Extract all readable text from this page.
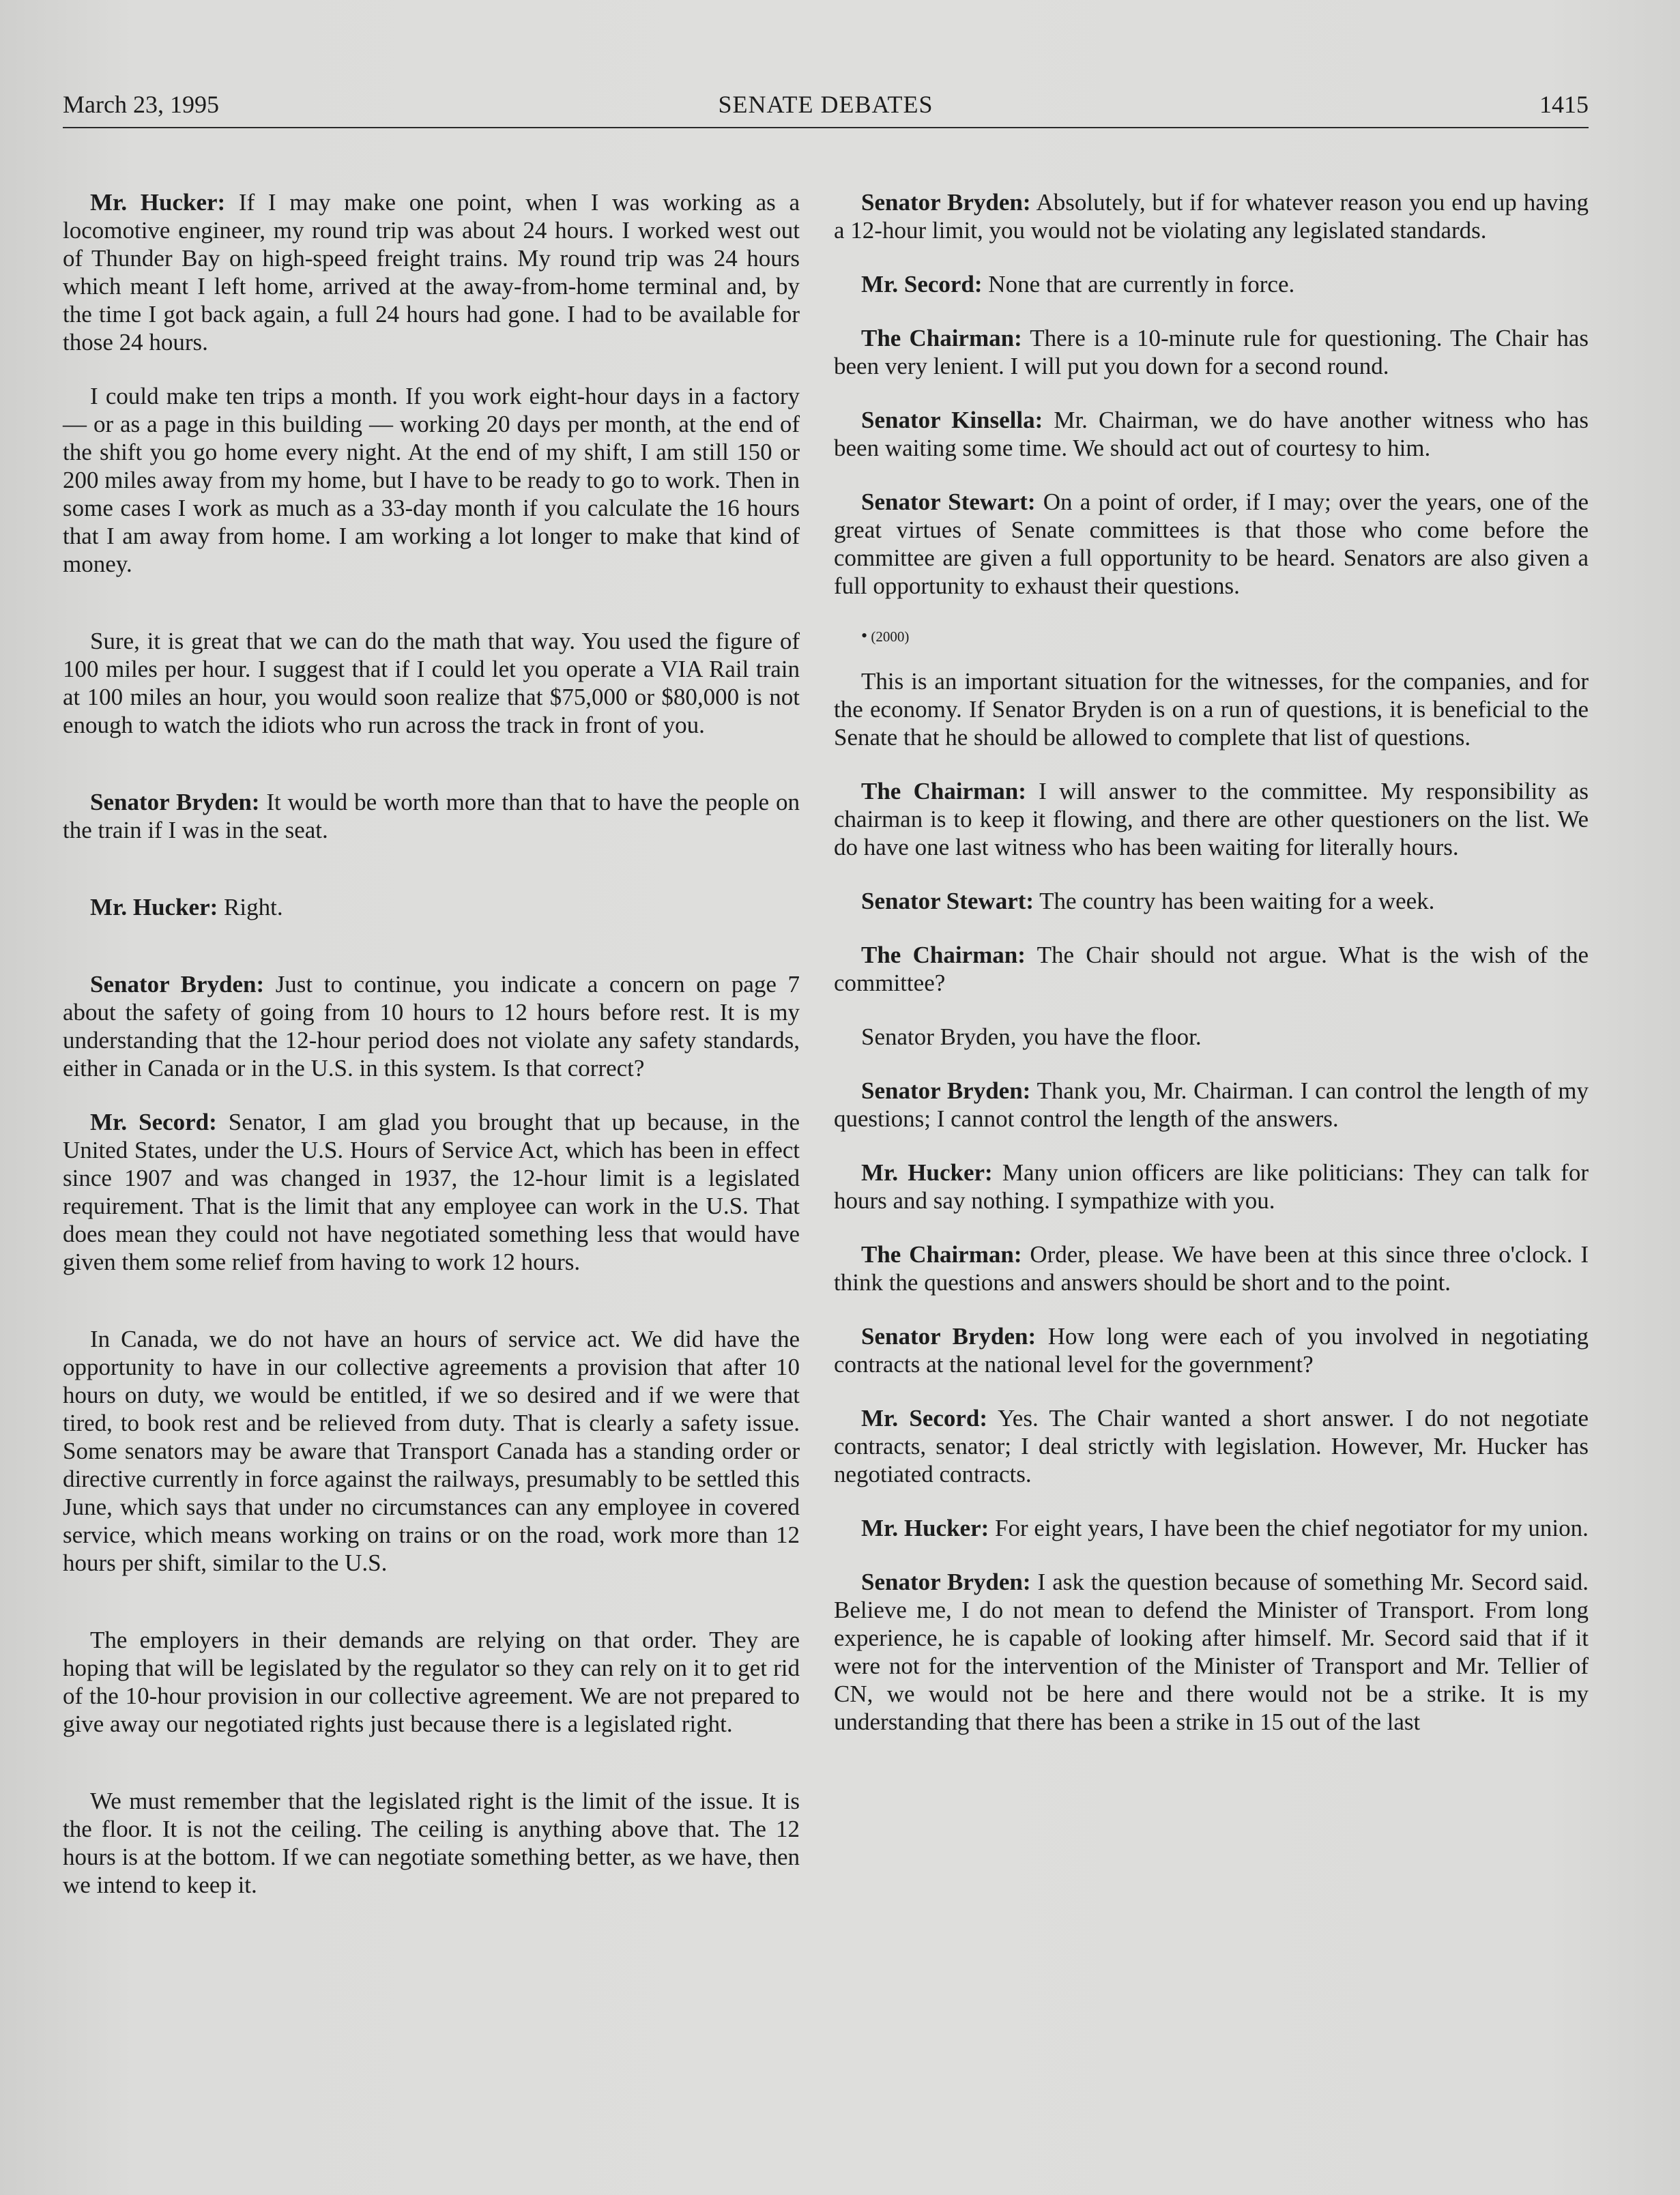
March 23, 1995	SENATE DEBATES	1415

Mr. Hucker: If I may make one point, when I was working as a locomotive engineer, my round trip was about 24 hours. I worked west out of Thunder Bay on high-speed freight trains. My round trip was 24 hours which meant I left home, arrived at the away-from-home terminal and, by the time I got back again, a full 24 hours had gone. I had to be available for those 24 hours.

I could make ten trips a month. If you work eight-hour days in a factory — or as a page in this building — working 20 days per month, at the end of the shift you go home every night. At the end of my shift, I am still 150 or 200 miles away from my home, but I have to be ready to go to work. Then in some cases I work as much as a 33-day month if you calculate the 16 hours that I am away from home. I am working a lot longer to make that kind of money.

Sure, it is great that we can do the math that way. You used the figure of 100 miles per hour. I suggest that if I could let you operate a VIA Rail train at 100 miles an hour, you would soon realize that $75,000 or $80,000 is not enough to watch the idiots who run across the track in front of you.

Senator Bryden: It would be worth more than that to have the people on the train if I was in the seat.

Mr. Hucker: Right.

Senator Bryden: Just to continue, you indicate a concern on page 7 about the safety of going from 10 hours to 12 hours before rest. It is my understanding that the 12-hour period does not violate any safety standards, either in Canada or in the U.S. in this system. Is that correct?

Mr. Secord: Senator, I am glad you brought that up because, in the United States, under the U.S. Hours of Service Act, which has been in effect since 1907 and was changed in 1937, the 12-hour limit is a legislated requirement. That is the limit that any employee can work in the U.S. That does mean they could not have negotiated something less that would have given them some relief from having to work 12 hours.

In Canada, we do not have an hours of service act. We did have the opportunity to have in our collective agreements a provision that after 10 hours on duty, we would be entitled, if we so desired and if we were that tired, to book rest and be relieved from duty. That is clearly a safety issue. Some senators may be aware that Transport Canada has a standing order or directive currently in force against the railways, presumably to be settled this June, which says that under no circumstances can any employee in covered service, which means working on trains or on the road, work more than 12 hours per shift, similar to the U.S.

The employers in their demands are relying on that order. They are hoping that will be legislated by the regulator so they can rely on it to get rid of the 10-hour provision in our collective agreement. We are not prepared to give away our negotiated rights just because there is a legislated right.

We must remember that the legislated right is the limit of the issue. It is the floor. It is not the ceiling. The ceiling is anything above that. The 12 hours is at the bottom. If we can negotiate something better, as we have, then we intend to keep it.

Senator Bryden: Absolutely, but if for whatever reason you end up having a 12-hour limit, you would not be violating any legislated standards.

Mr. Secord: None that are currently in force.

The Chairman: There is a 10-minute rule for questioning. The Chair has been very lenient. I will put you down for a second round.

Senator Kinsella: Mr. Chairman, we do have another witness who has been waiting some time. We should act out of courtesy to him.

Senator Stewart: On a point of order, if I may; over the years, one of the great virtues of Senate committees is that those who come before the committee are given a full opportunity to be heard. Senators are also given a full opportunity to exhaust their questions.

• (2000)

This is an important situation for the witnesses, for the companies, and for the economy. If Senator Bryden is on a run of questions, it is beneficial to the Senate that he should be allowed to complete that list of questions.

The Chairman: I will answer to the committee. My responsibility as chairman is to keep it flowing, and there are other questioners on the list. We do have one last witness who has been waiting for literally hours.

Senator Stewart: The country has been waiting for a week.

The Chairman: The Chair should not argue. What is the wish of the committee?

Senator Bryden, you have the floor.

Senator Bryden: Thank you, Mr. Chairman. I can control the length of my questions; I cannot control the length of the answers.

Mr. Hucker: Many union officers are like politicians: They can talk for hours and say nothing. I sympathize with you.

The Chairman: Order, please. We have been at this since three o'clock. I think the questions and answers should be short and to the point.

Senator Bryden: How long were each of you involved in negotiating contracts at the national level for the government?

Mr. Secord: Yes. The Chair wanted a short answer. I do not negotiate contracts, senator; I deal strictly with legislation. However, Mr. Hucker has negotiated contracts.

Mr. Hucker: For eight years, I have been the chief negotiator for my union.

Senator Bryden: I ask the question because of something Mr. Secord said. Believe me, I do not mean to defend the Minister of Transport. From long experience, he is capable of looking after himself. Mr. Secord said that if it were not for the intervention of the Minister of Transport and Mr. Tellier of CN, we would not be here and there would not be a strike. It is my understanding that there has been a strike in 15 out of the last
